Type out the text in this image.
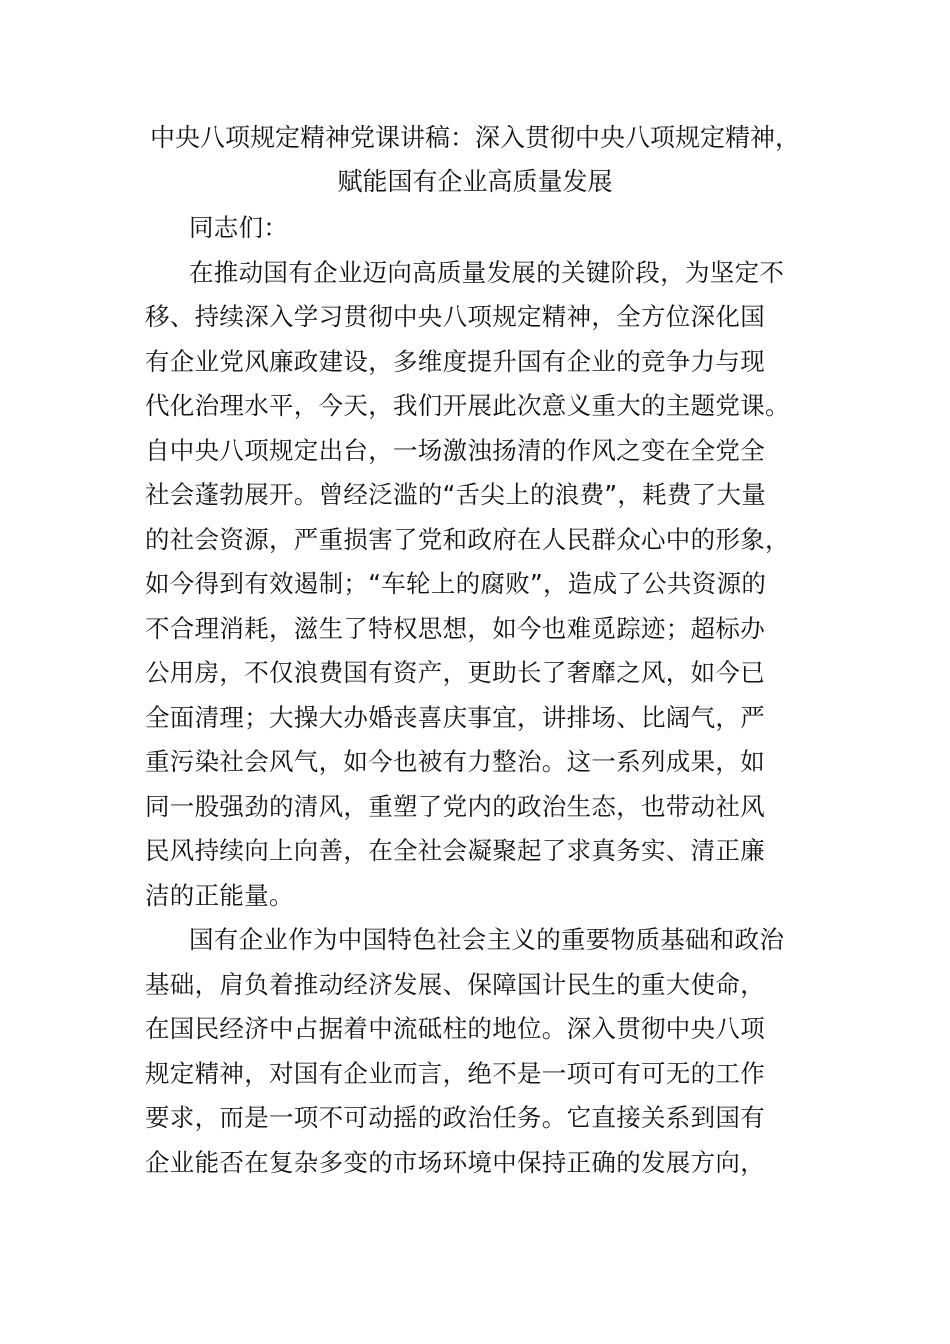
中央八项规定精神党课讲稿：深入贯彻中央八项规定精神，
赋能国有企业高质量发展
同志们：
在推动国有企业迈向高质量发展的关键阶段，为坚定不
移、持续深入学习贯彻中央八项规定精神，全方位深化国
有企业党风廉政建设，多维度提升国有企业的竞争力与现
代化治理水平，今天，我们开展此次意义重大的主题党课。
自中央八项规定出台，一场激浊扬清的作风之变在全党全
社会蓬勃展开。曾经泛滥的“舌尖上的浪费”，耗费了大量
的社会资源，严重损害了党和政府在人民群众心中的形象，
如今得到有效遏制；“车轮上的腐败”，造成了公共资源的
不合理消耗，滋生了特权思想，如今也难觅踪迹；超标办
公用房，不仅浪费国有资产，更助长了奢靡之风，如今已
全面清理；大操大办婚丧喜庆事宜，讲排场、比阔气，严
重污染社会风气，如今也被有力整治。这一系列成果，如
同一股强劲的清风，重塑了党内的政治生态，也带动社风
民风持续向上向善，在全社会凝聚起了求真务实、清正廉
洁的正能量。
国有企业作为中国特色社会主义的重要物质基础和政治
基础，肩负着推动经济发展、保障国计民生的重大使命，
在国民经济中占据着中流砥柱的地位。深入贯彻中央八项
规定精神，对国有企业而言，绝不是一项可有可无的工作
要求，而是一项不可动摇的政治任务。它直接关系到国有
企业能否在复杂多变的市场环境中保持正确的发展方向，
